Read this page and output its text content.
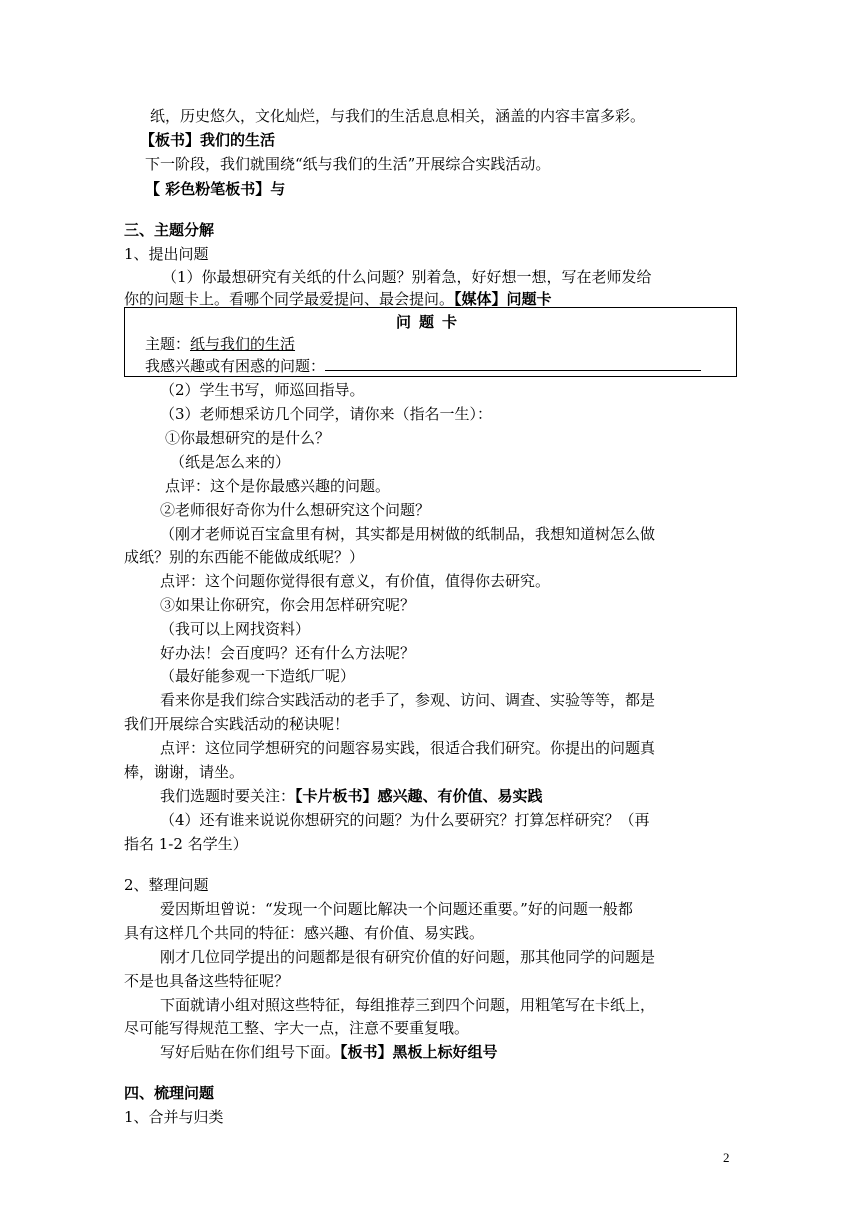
纸，历史悠久，文化灿烂，与我们的生活息息相关，涵盖的内容丰富多彩。
【板书】我们的生活
下一阶段，我们就围绕“纸与我们的生活”开展综合实践活动。
【 彩色粉笔板书】与
三、主题分解
1、提出问题
（1）你最想研究有关纸的什么问题？别着急，好好想一想，写在老师发给
你的问题卡上。看哪个同学最爱提问、最会提问。【媒体】问题卡
问题卡
主题：纸与我们的生活
我感兴趣或有困惑的问题：
（2）学生书写，师巡回指导。
（3）老师想采访几个同学，请你来（指名一生）：
①你最想研究的是什么？
（纸是怎么来的）
点评：这个是你最感兴趣的问题。
②老师很好奇你为什么想研究这个问题？
（刚才老师说百宝盒里有树，其实都是用树做的纸制品，我想知道树怎么做
成纸？别的东西能不能做成纸呢？）
点评：这个问题你觉得很有意义，有价值，值得你去研究。
③如果让你研究，你会用怎样研究呢？
（我可以上网找资料）
好办法！会百度吗？还有什么方法呢？
（最好能参观一下造纸厂呢）
看来你是我们综合实践活动的老手了，参观、访问、调查、实验等等，都是
我们开展综合实践活动的秘诀呢！
点评：这位同学想研究的问题容易实践，很适合我们研究。你提出的问题真
棒，谢谢，请坐。
我们选题时要关注：【卡片板书】感兴趣、有价值、易实践
（4）还有谁来说说你想研究的问题？为什么要研究？打算怎样研究？（再
指名 1-2 名学生）
2、整理问题
爱因斯坦曾说：“发现一个问题比解决一个问题还重要。”好的问题一般都
具有这样几个共同的特征：感兴趣、有价值、易实践。
刚才几位同学提出的问题都是很有研究价值的好问题，那其他同学的问题是
不是也具备这些特征呢？
下面就请小组对照这些特征，每组推荐三到四个问题，用粗笔写在卡纸上，
尽可能写得规范工整、字大一点，注意不要重复哦。
写好后贴在你们组号下面。【板书】黑板上标好组号
四、梳理问题
1、合并与归类
2
